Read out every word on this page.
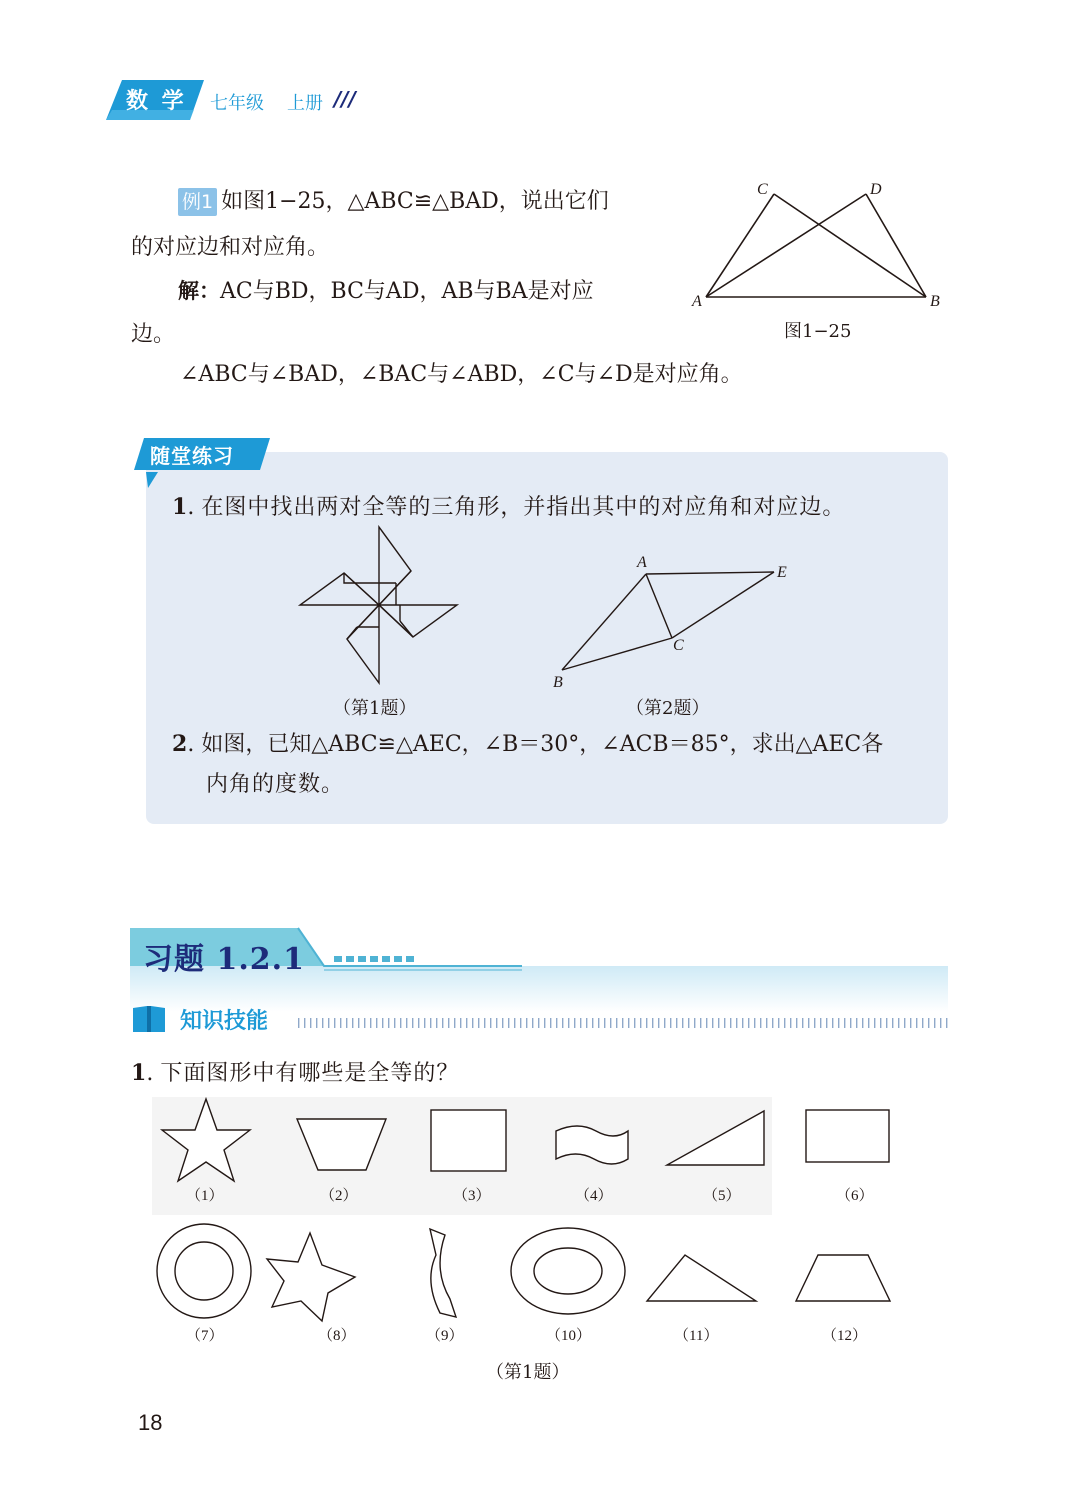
数 学 七年级 上册 ///
例1 如图1−25，△ABC≌△BAD，说出它们
的对应边和对应角。
解：AC与BD，BC与AD，AB与BA是对应
边。
∠ABC与∠BAD，∠BAC与∠ABD，∠C与∠D是对应角。
C	D
A	B
图1−25
随堂练习
1. 在图中找出两对全等的三角形，并指出其中的对应角和对应边。
（第1题）
A
E
C
B
（第2题）
2. 如图，已知△ABC≌△AEC，∠B＝30°，∠ACB＝85°，求出△AEC各
内角的度数。
习题 1.2.1
知识技能
1. 下面图形中有哪些是全等的？
（1）	（2）	（3）	（4）	（5）	（6）
（7）	（8）	（9）	（10）	（11）	（12）
（第1题）
18
